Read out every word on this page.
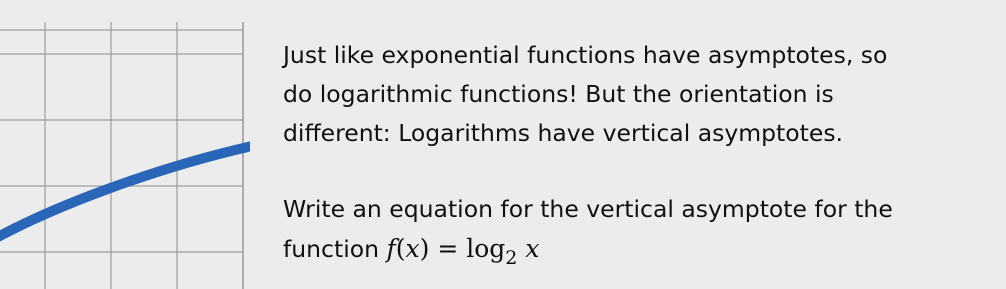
Just like exponential functions have asymptotes, so
do logarithmic functions! But the orientation is
different: Logarithms have vertical asymptotes.
Write an equation for the vertical asymptote for the
function $f(x) = \log_2 x$
